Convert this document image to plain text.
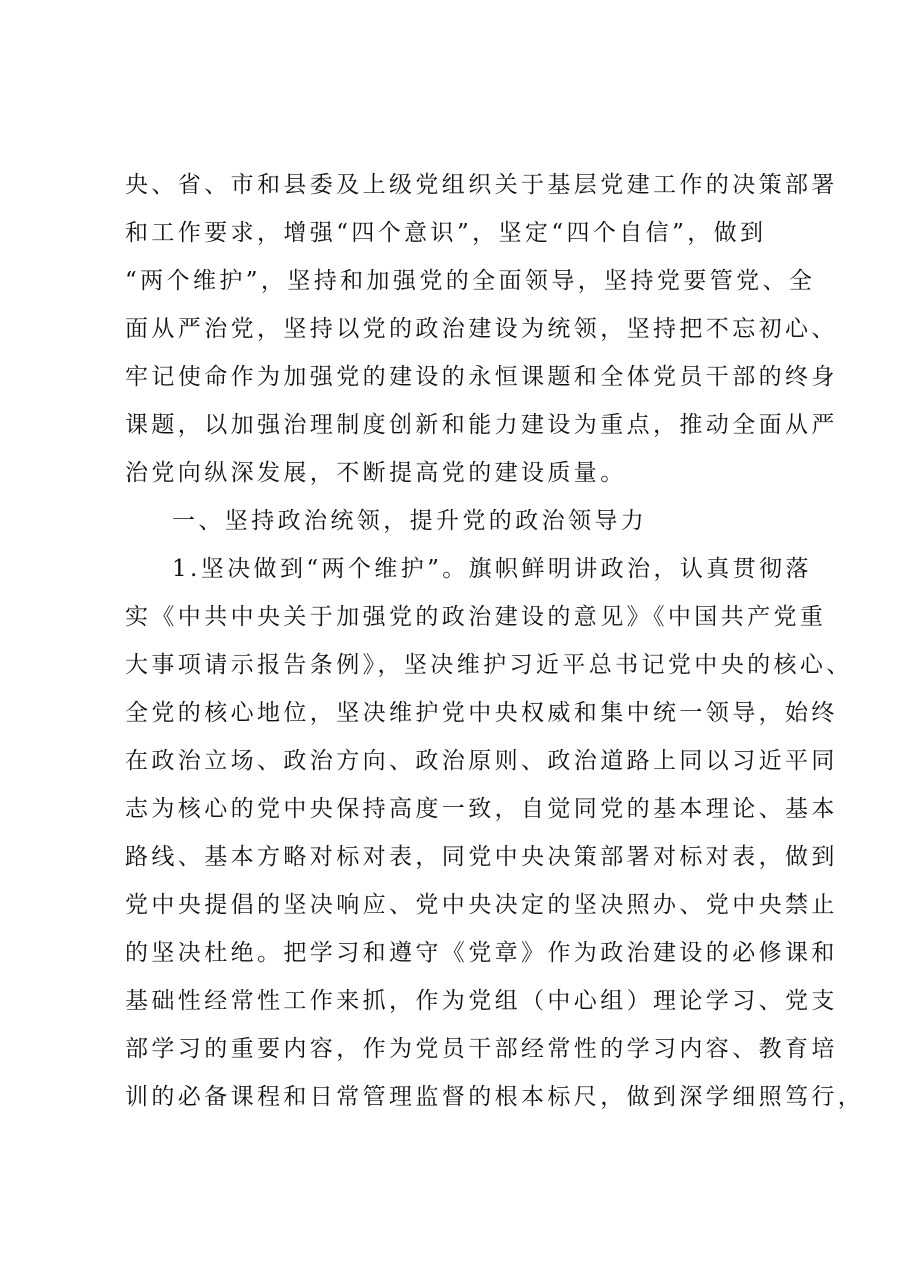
央、省、市和县委及上级党组织关于基层党建工作的决策部署
和工作要求，增强“四个意识”，坚定“四个自信”，做到
“两个维护”，坚持和加强党的全面领导，坚持党要管党、全
面从严治党，坚持以党的政治建设为统领，坚持把不忘初心、
牢记使命作为加强党的建设的永恒课题和全体党员干部的终身
课题，以加强治理制度创新和能力建设为重点，推动全面从严
治党向纵深发展，不断提高党的建设质量。
一、坚持政治统领，提升党的政治领导力
1.坚决做到“两个维护”。旗帜鲜明讲政治，认真贯彻落
实《中共中央关于加强党的政治建设的意见》《中国共产党重
大事项请示报告条例》，坚决维护习近平总书记党中央的核心、
全党的核心地位，坚决维护党中央权威和集中统一领导，始终
在政治立场、政治方向、政治原则、政治道路上同以习近平同
志为核心的党中央保持高度一致，自觉同党的基本理论、基本
路线、基本方略对标对表，同党中央决策部署对标对表，做到
党中央提倡的坚决响应、党中央决定的坚决照办、党中央禁止
的坚决杜绝。把学习和遵守《党章》作为政治建设的必修课和
基础性经常性工作来抓，作为党组（中心组）理论学习、党支
部学习的重要内容，作为党员干部经常性的学习内容、教育培
训的必备课程和日常管理监督的根本标尺，做到深学细照笃行，
